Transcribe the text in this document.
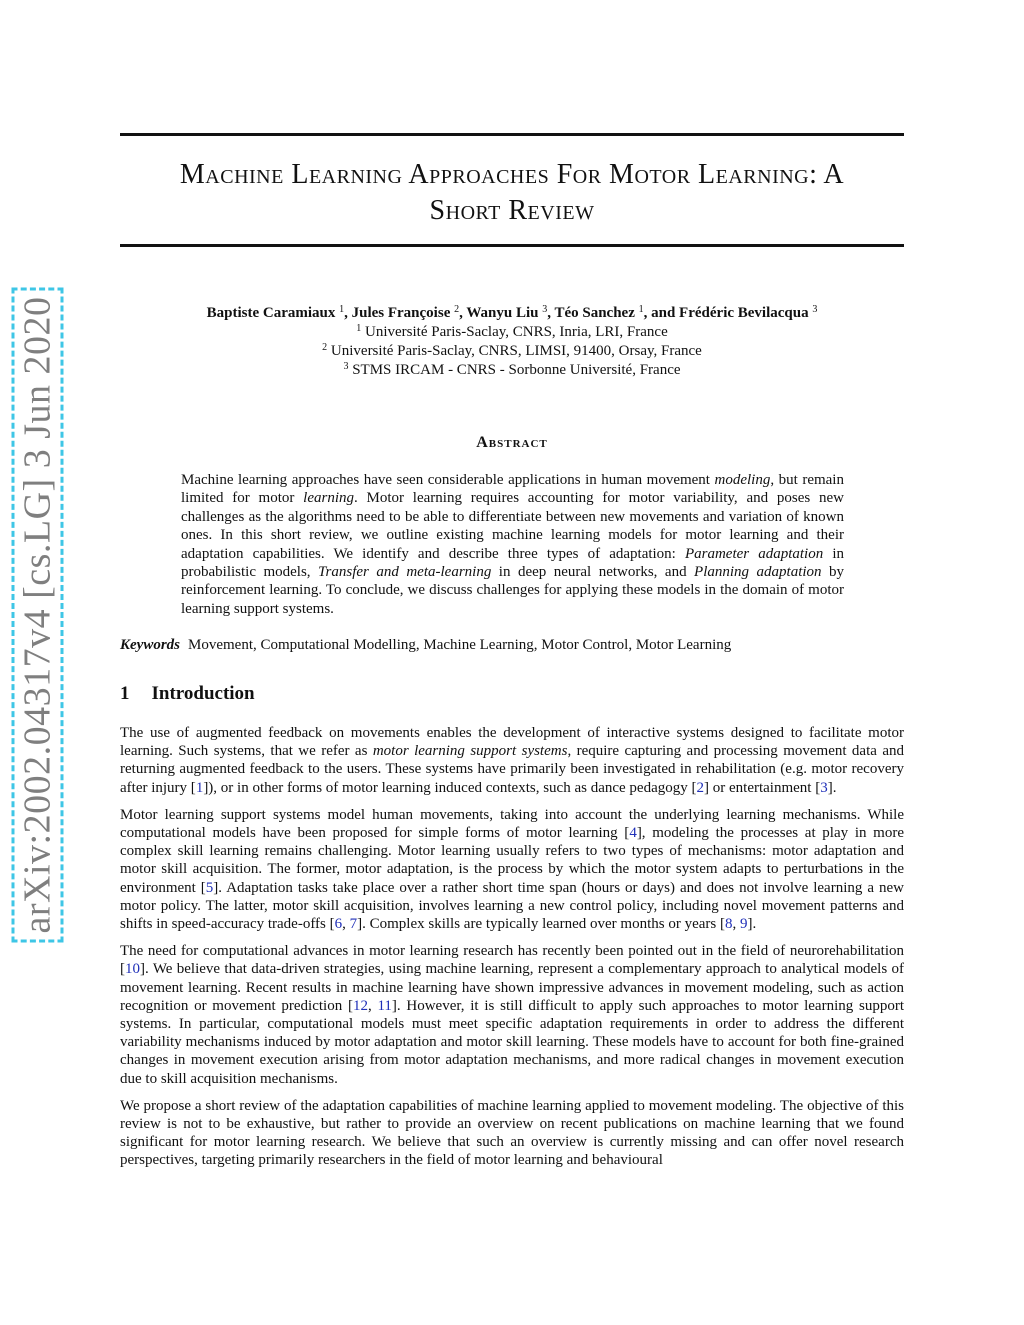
arXiv:2002.04317v4 [cs.LG] 3 Jun 2020
Machine Learning Approaches For Motor Learning: A
Short Review
Baptiste Caramiaux $^1$, Jules Françoise $^2$, Wanyu Liu $^3$, Téo Sanchez $^1$, and Frédéric Bevilacqua $^3$
$^1$ Université Paris-Saclay, CNRS, Inria, LRI, France
$^2$ Université Paris-Saclay, CNRS, LIMSI, 91400, Orsay, France
$^3$ STMS IRCAM - CNRS - Sorbonne Université, France
Abstract
Machine learning approaches have seen considerable applications in human movement modeling, but remain limited for motor learning. Motor learning requires accounting for motor variability, and poses new challenges as the algorithms need to be able to differentiate between new movements and variation of known ones. In this short review, we outline existing machine learning models for motor learning and their adaptation capabilities. We identify and describe three types of adaptation: Parameter adaptation in probabilistic models, Transfer and meta-learning in deep neural networks, and Planning adaptation by reinforcement learning. To conclude, we discuss challenges for applying these models in the domain of motor learning support systems.
Keywords Movement, Computational Modelling, Machine Learning, Motor Control, Motor Learning
1 Introduction

The use of augmented feedback on movements enables the development of interactive systems designed to facilitate motor learning. Such systems, that we refer as motor learning support systems, require capturing and processing movement data and returning augmented feedback to the users. These systems have primarily been investigated in rehabilitation (e.g. motor recovery after injury [1]), or in other forms of motor learning induced contexts, such as dance pedagogy [2] or entertainment [3].

Motor learning support systems model human movements, taking into account the underlying learning mechanisms. While computational models have been proposed for simple forms of motor learning [4], modeling the processes at play in more complex skill learning remains challenging. Motor learning usually refers to two types of mechanisms: motor adaptation and motor skill acquisition. The former, motor adaptation, is the process by which the motor system adapts to perturbations in the environment [5]. Adaptation tasks take place over a rather short time span (hours or days) and does not involve learning a new motor policy. The latter, motor skill acquisition, involves learning a new control policy, including novel movement patterns and shifts in speed-accuracy trade-offs [6, 7]. Complex skills are typically learned over months or years [8, 9].

The need for computational advances in motor learning research has recently been pointed out in the field of neurorehabilitation [10]. We believe that data-driven strategies, using machine learning, represent a complementary approach to analytical models of movement learning. Recent results in machine learning have shown impressive advances in movement modeling, such as action recognition or movement prediction [12, 11]. However, it is still difficult to apply such approaches to motor learning support systems. In particular, computational models must meet specific adaptation requirements in order to address the different variability mechanisms induced by motor adaptation and motor skill learning. These models have to account for both fine-grained changes in movement execution arising from motor adaptation mechanisms, and more radical changes in movement execution due to skill acquisition mechanisms.

We propose a short review of the adaptation capabilities of machine learning applied to movement modeling. The objective of this review is not to be exhaustive, but rather to provide an overview on recent publications on machine learning that we found significant for motor learning research. We believe that such an overview is currently missing and can offer novel research perspectives, targeting primarily researchers in the field of motor learning and behavioural
